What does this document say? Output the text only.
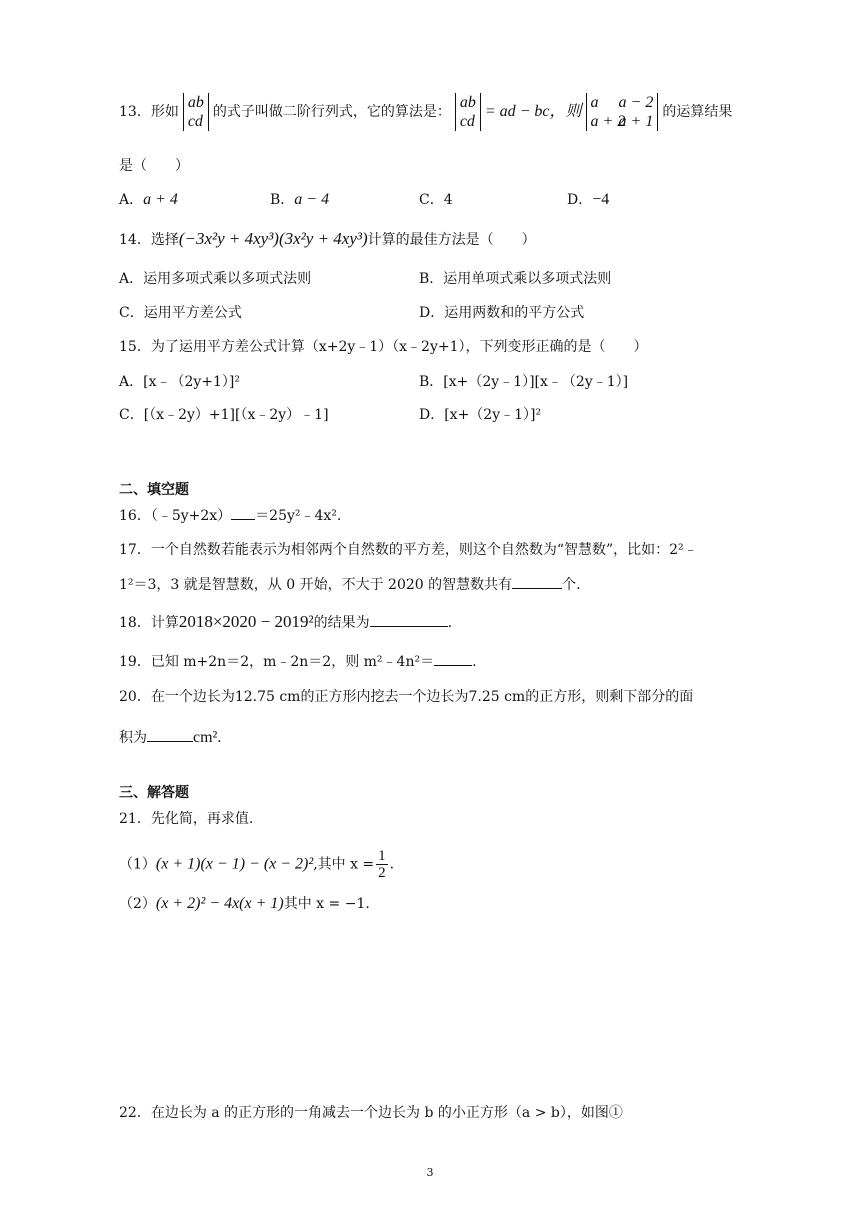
13．形如
ab
cd
的式子叫做二阶行列式，它的算法是：
ab
cd
= ad − bc，则
a a − 2
a + 2a + 1
的运算结果
是（　　）
A．a + 4	B．a − 4	C．4	D．−4
14．选择(−3x²y + 4xy³)(3x²y + 4xy³)计算的最佳方法是（　　）
A．运用多项式乘以多项式法则	B．运用单项式乘以多项式法则
C．运用平方差公式	D．运用两数和的平方公式
15．为了运用平方差公式计算（x+2y﹣1）（x﹣2y+1），下列变形正确的是（　　）
A．[x﹣（2y+1）]²	B．[x+（2y﹣1）][x﹣（2y﹣1）]
C．[（x﹣2y）+1][（x﹣2y）﹣1]	D．[x+（2y﹣1）]²
二、填空题
16．（﹣5y+2x） ＝25y²﹣4x².
17．一个自然数若能表示为相邻两个自然数的平方差，则这个自然数为“智慧数”，比如：2²﹣
1²＝3，3 就是智慧数，从 0 开始，不大于 2020 的智慧数共有	个.
18．计算2018×2020 − 2019²的结果为	.
19．已知 m+2n＝2，m﹣2n＝2，则 m²﹣4n²＝	.
20．在一个边长为12.75 cm的正方形内挖去一个边长为7.25 cm的正方形，则剩下部分的面
积为	cm².
三、解答题
21．先化简，再求值.
（1）(x + 1)(x − 1) − (x − 2)²,其中 $x = \frac{1}{2}$ .
（2）(x + 2)² − 4x(x + 1)其中 x = −1.
22．在边长为 a 的正方形的一角减去一个边长为 b 的小正方形（a > b），如图①
3
